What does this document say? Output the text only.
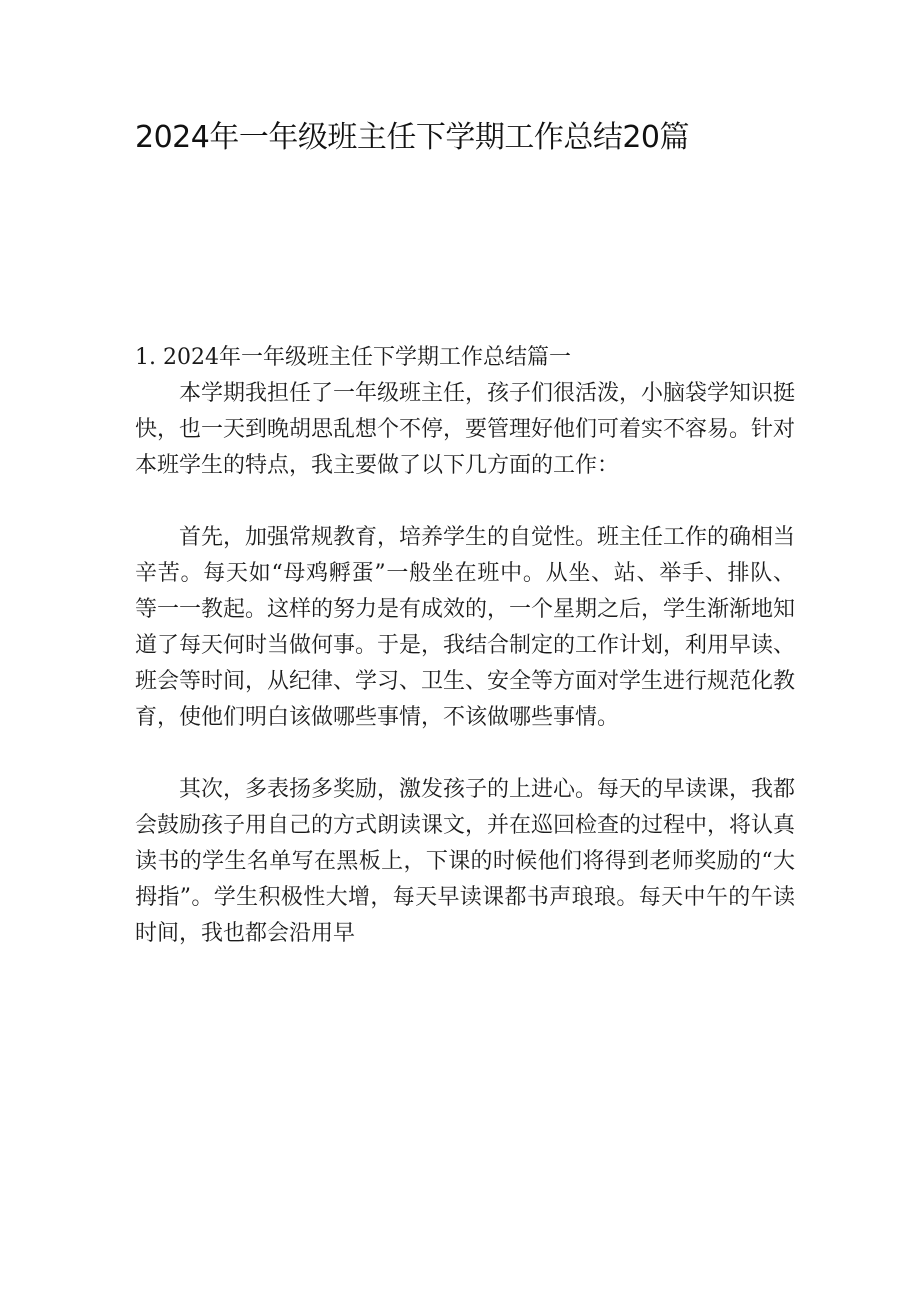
2024年一年级班主任下学期工作总结20篇

1. 2024年一年级班主任下学期工作总结篇一

本学期我担任了一年级班主任，孩子们很活泼，小脑袋学知识挺快，也一天到晚胡思乱想个不停，要管理好他们可着实不容易。针对本班学生的特点，我主要做了以下几方面的工作：

首先，加强常规教育，培养学生的自觉性。班主任工作的确相当辛苦。每天如“母鸡孵蛋”一般坐在班中。从坐、站、举手、排队、等一一教起。这样的努力是有成效的，一个星期之后，学生渐渐地知道了每天何时当做何事。于是，我结合制定的工作计划，利用早读、班会等时间，从纪律、学习、卫生、安全等方面对学生进行规范化教育，使他们明白该做哪些事情，不该做哪些事情。

其次，多表扬多奖励，激发孩子的上进心。每天的早读课，我都会鼓励孩子用自己的方式朗读课文，并在巡回检查的过程中，将认真读书的学生名单写在黑板上，下课的时候他们将得到老师奖励的“大拇指”。学生积极性大增，每天早读课都书声琅琅。每天中午的午读时间，我也都会沿用早
